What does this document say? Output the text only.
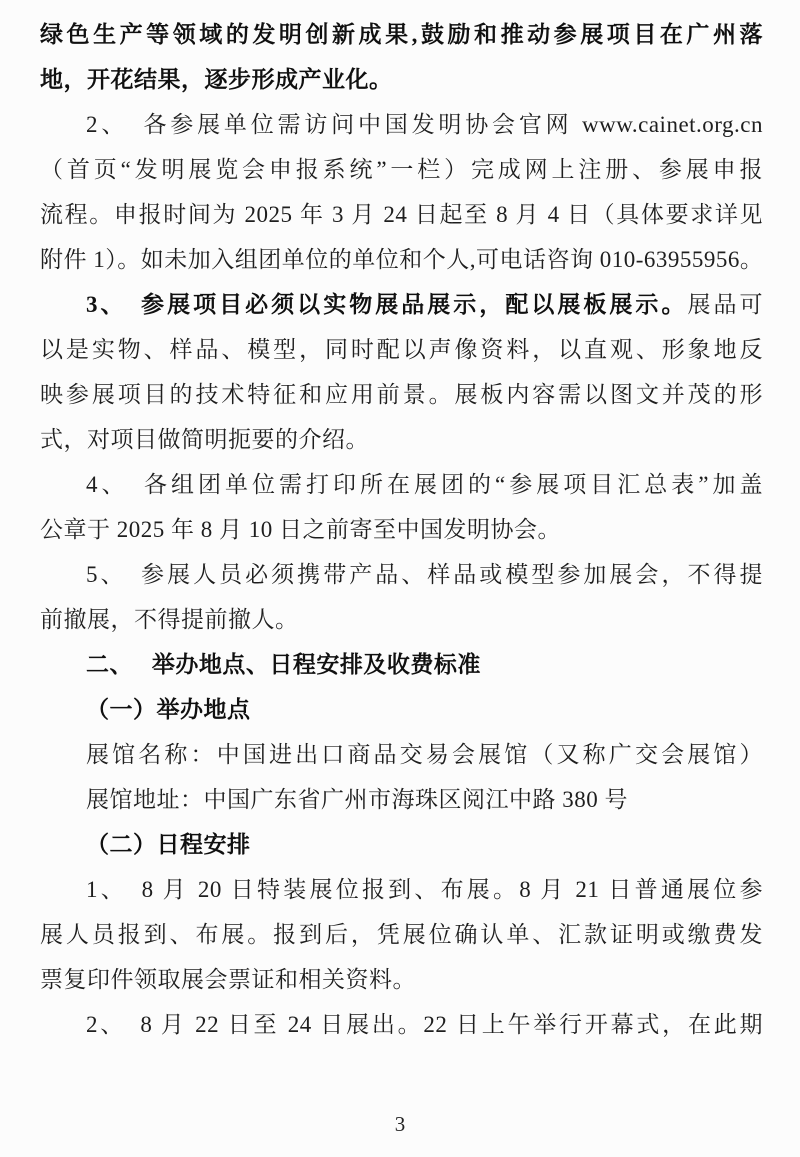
绿色生产等领域的发明创新成果,鼓励和推动参展项目在广州落
地，开花结果，逐步形成产业化。
2、　各参展单位需访问中国发明协会官网 www.cainet.org.cn
（首页“发明展览会申报系统”一栏）完成网上注册、参展申报
流程。申报时间为 2025 年 3 月 24 日起至 8 月 4 日（具体要求详见
附件 1）。如未加入组团单位的单位和个人,可电话咨询 010-63955956。
3、　参展项目必须以实物展品展示，配以展板展示。展品可
以是实物、样品、模型，同时配以声像资料，以直观、形象地反
映参展项目的技术特征和应用前景。展板内容需以图文并茂的形
式，对项目做简明扼要的介绍。
4、　各组团单位需打印所在展团的“参展项目汇总表”加盖
公章于 2025 年 8 月 10 日之前寄至中国发明协会。
5、　参展人员必须携带产品、样品或模型参加展会，不得提
前撤展，不得提前撤人。
二、　 举办地点、日程安排及收费标准
（一）举办地点
展馆名称：中国进出口商品交易会展馆（又称广交会展馆）
展馆地址：中国广东省广州市海珠区阅江中路 380 号
（二）日程安排
1、　8 月 20 日特装展位报到、布展。8 月 21 日普通展位参
展人员报到、布展。报到后，凭展位确认单、汇款证明或缴费发
票复印件领取展会票证和相关资料。
2、　8 月 22 日至 24 日展出。22 日上午举行开幕式，在此期
3
